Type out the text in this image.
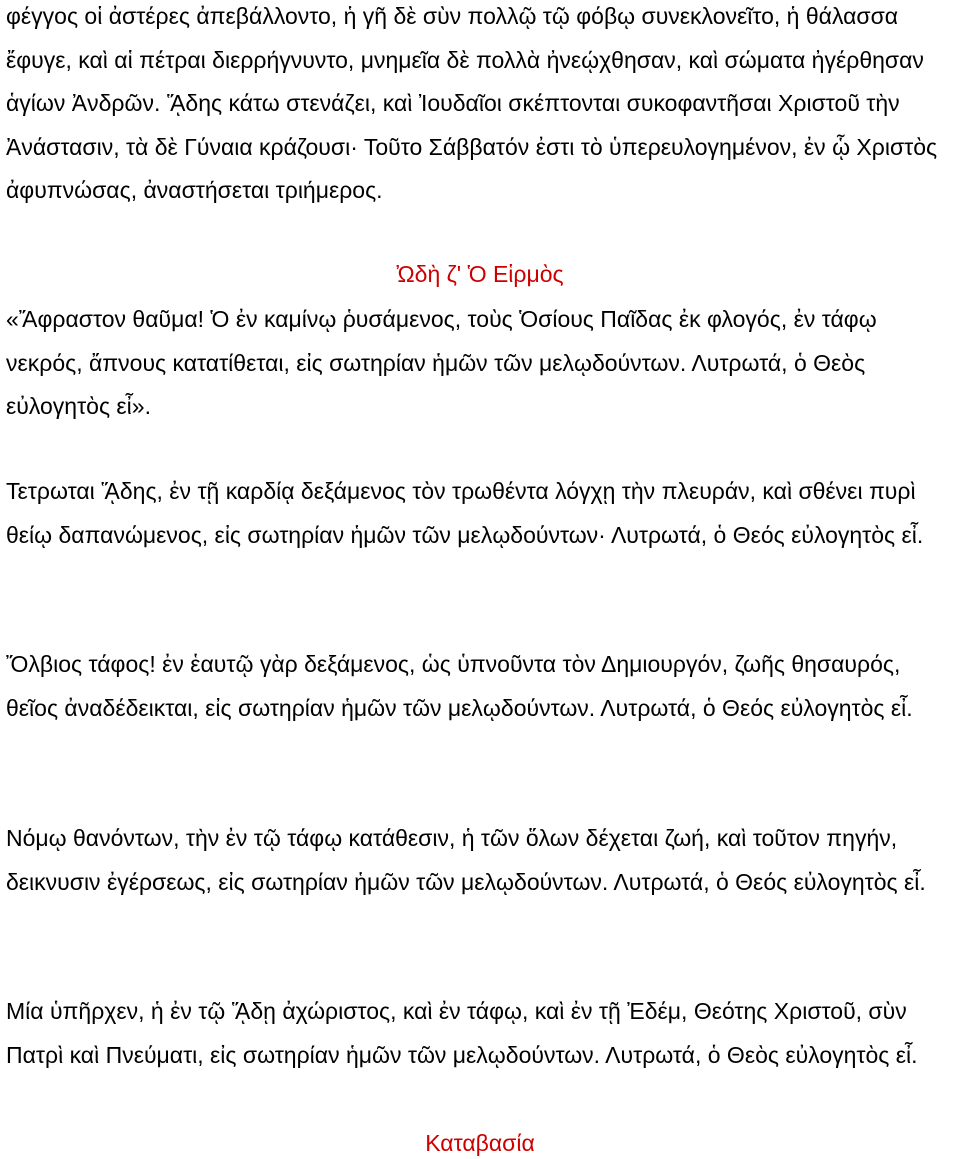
φέγγος οἱ ἀστέρες ἀπεβάλλοντο, ἡ γῆ δὲ σὺν πολλῷ τῷ φόβῳ συνεκλονεῖτο, ἡ θάλασσα ἔφυγε, καὶ αἱ πέτραι διερρήγνυντο, μνημεῖα δὲ πολλὰ ἠνεῴχθησαν, καὶ σώματα ἠγέρθησαν ἁγίων Ἀνδρῶν. ᾍδης κάτω στενάζει, καὶ Ἰουδαῖοι σκέπτονται συκοφαντῆσαι Χριστοῦ τὴν Ἀνάστασιν, τὰ δὲ Γύναια κράζουσι· Τοῦτο Σάββατόν ἐστι τὸ ὑπερευλογημένον, ἐν ᾧ Χριστὸς ἀφυπνώσας, ἀναστήσεται τριήμερος.

Ὠδὴ ζ' Ὁ Εἱρμὸς

«Ἄφραστον θαῦμα! Ὁ ἐν καμίνῳ ῥυσάμενος, τοὺς Ὁσίους Παῖδας ἐκ φλογός, ἐν τάφῳ νεκρός, ἄπνους κατατίθεται, εἰς σωτηρίαν ἡμῶν τῶν μελῳδούντων. Λυτρωτά, ὁ Θεὸς εὐλογητὸς εἶ».

Τετρωται ᾍδης, ἐν τῇ καρδίᾳ δεξάμενος τὸν τρωθέντα λόγχῃ τὴν πλευράν, καὶ σθένει πυρὶ θείῳ δαπανώμενος, εἰς σωτηρίαν ἡμῶν τῶν μελῳδούντων· Λυτρωτά, ὁ Θεός εὐλογητὸς εἶ.

Ὄλβιος τάφος! ἐν ἑαυτῷ γὰρ δεξάμενος, ὡς ὑπνοῦντα τὸν Δημιουργόν, ζωῆς θησαυρός, θεῖος ἀναδέδεικται, εἰς σωτηρίαν ἡμῶν τῶν μελῳδούντων. Λυτρωτά, ὁ Θεός εὐλογητὸς εἶ.

Νόμῳ θανόντων, τὴν ἐν τῷ τάφῳ κατάθεσιν, ἡ τῶν ὅλων δέχεται ζωή, καὶ τοῦτον πηγήν, δεικνυσιν ἐγέρσεως, εἰς σωτηρίαν ἡμῶν τῶν μελῳδούντων. Λυτρωτά, ὁ Θεός εὐλογητὸς εἶ.

Μία ὑπῆρχεν, ἡ ἐν τῷ ᾍδῃ ἀχώριστος, καὶ ἐν τάφῳ, καὶ ἐν τῇ Ἐδέμ, Θεότης Χριστοῦ, σὺν Πατρὶ καὶ Πνεύματι, εἰς σωτηρίαν ἡμῶν τῶν μελῳδούντων. Λυτρωτά, ὁ Θεὸς εὐλογητὸς εἶ.

Καταβασία
